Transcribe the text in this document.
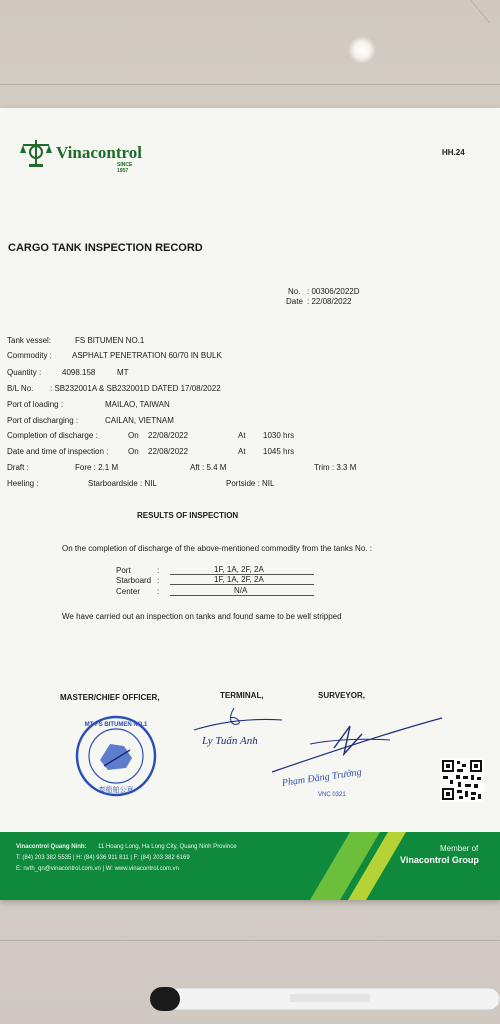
Vinacontrol
SINCE 1957
HH.24
CARGO TANK INSPECTION RECORD
No. : 00306/2022D
Date : 22/08/2022
Tank vessel:	FS BITUMEN NO.1
Commodity :	ASPHALT PENETRATION 60/70 IN BULK
Quantity :	4098.158	MT
B/L No. : SB232001A & SB232001D DATED 17/08/2022
Port of loading :	MAILAO, TAIWAN
Port of discharging :	CAILAN, VIETNAM
Completion of discharge :	On 22/08/2022	At 1030 hrs
Date and time of inspection : On 22/08/2022	At 1045 hrs
Draft :	Fore : 2.1 M	Aft : 5.4 M	Trim : 3.3 M
Heeling :	Starboardside : NIL	Portside : NIL
RESULTS OF INSPECTION
On the completion of discharge of the above-mentioned commodity from the tanks No. :
Port	:	1F, 1A, 2F, 2A
Starboard :	1F, 1A, 2F, 2A
Center :	N/A
We have carried out an inspection on tanks and found same to be well stripped
MASTER/CHIEF OFFICER,	TERMINAL,	SURVEYOR,
MT FS BITUMEN NO.1
奉船舶公章
Ly Tuấn Anh
Phạm Đăng Trường
VNC 0321
Vinacontrol Quang Ninh: 11 Hoang Long, Ha Long City, Quang Ninh Province
T: (84) 203 382 5535 | H: (84) 936 911 811 | F: (84) 203 382 6169
E: nvth_qn@vinacontrol.com.vn | W: www.vinacontrol.com.vn
Member of
Vinacontrol Group
